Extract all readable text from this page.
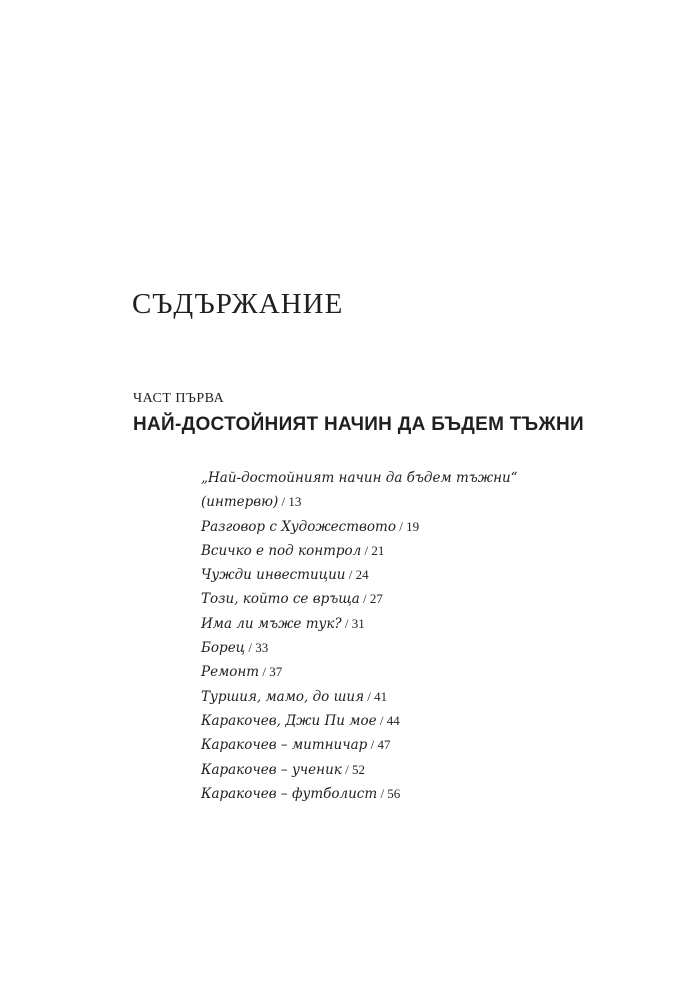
СЪДЪРЖАНИЕ
ЧАСТ ПЪРВА
НАЙ-ДОСТОЙНИЯТ НАЧИН ДА БЪДЕМ ТЪЖНИ
„Най-достойният начин да бъдем тъжни“
(интервю) / 13
Разговор с Художеството / 19
Всичко е под контрол / 21
Чужди инвестиции / 24
Този, който се връща / 27
Има ли мъже тук? / 31
Борец / 33
Ремонт / 37
Туршия, мамо, до шия / 41
Каракочев, Джи Пи мое / 44
Каракочев – митничар / 47
Каракочев – ученик / 52
Каракочев – футболист / 56
